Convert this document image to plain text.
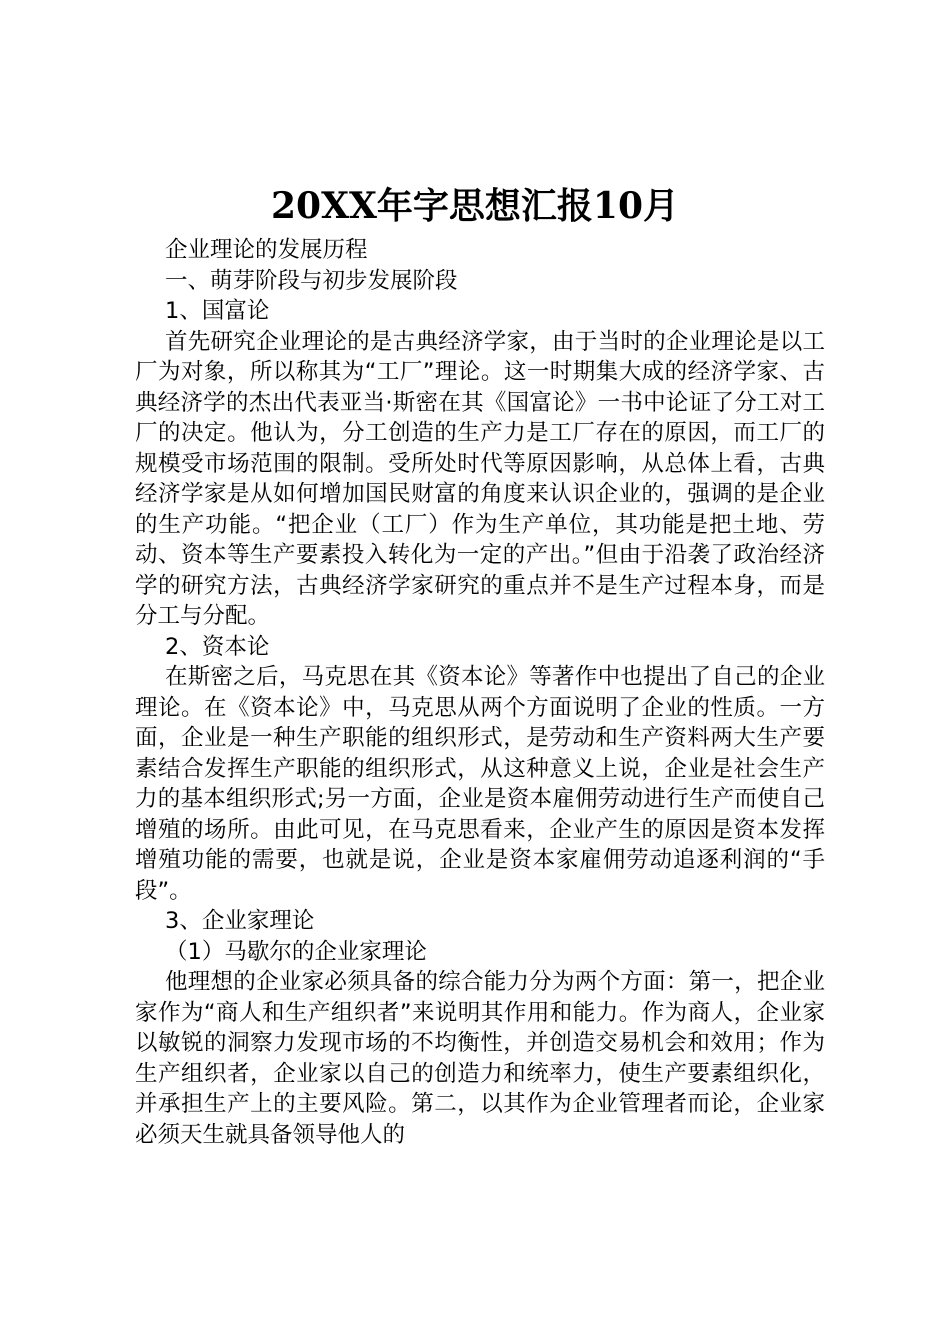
20XX年字思想汇报10月

企业理论的发展历程

一、萌芽阶段与初步发展阶段

1、国富论

首先研究企业理论的是古典经济学家，由于当时的企业理论是以工厂为对象，所以称其为“工厂”理论。这一时期集大成的经济学家、古典经济学的杰出代表亚当·斯密在其《国富论》一书中论证了分工对工厂的决定。他认为，分工创造的生产力是工厂存在的原因，而工厂的规模受市场范围的限制。受所处时代等原因影响，从总体上看，古典经济学家是从如何增加国民财富的角度来认识企业的，强调的是企业的生产功能。“把企业（工厂）作为生产单位，其功能是把土地、劳动、资本等生产要素投入转化为一定的产出。”但由于沿袭了政治经济学的研究方法，古典经济学家研究的重点并不是生产过程本身，而是分工与分配。

2、资本论

在斯密之后，马克思在其《资本论》等著作中也提出了自己的企业理论。在《资本论》中，马克思从两个方面说明了企业的性质。一方面，企业是一种生产职能的组织形式，是劳动和生产资料两大生产要素结合发挥生产职能的组织形式，从这种意义上说，企业是社会生产力的基本组织形式;另一方面，企业是资本雇佣劳动进行生产而使自己增殖的场所。由此可见，在马克思看来，企业产生的原因是资本发挥增殖功能的需要，也就是说，企业是资本家雇佣劳动追逐利润的“手段”。

3、企业家理论

（1）马歇尔的企业家理论

他理想的企业家必须具备的综合能力分为两个方面：第一，把企业家作为“商人和生产组织者”来说明其作用和能力。作为商人，企业家以敏锐的洞察力发现市场的不均衡性，并创造交易机会和效用；作为生产组织者，企业家以自己的创造力和统率力，使生产要素组织化，并承担生产上的主要风险。第二，以其作为企业管理者而论，企业家必须天生就具备领导他人的
